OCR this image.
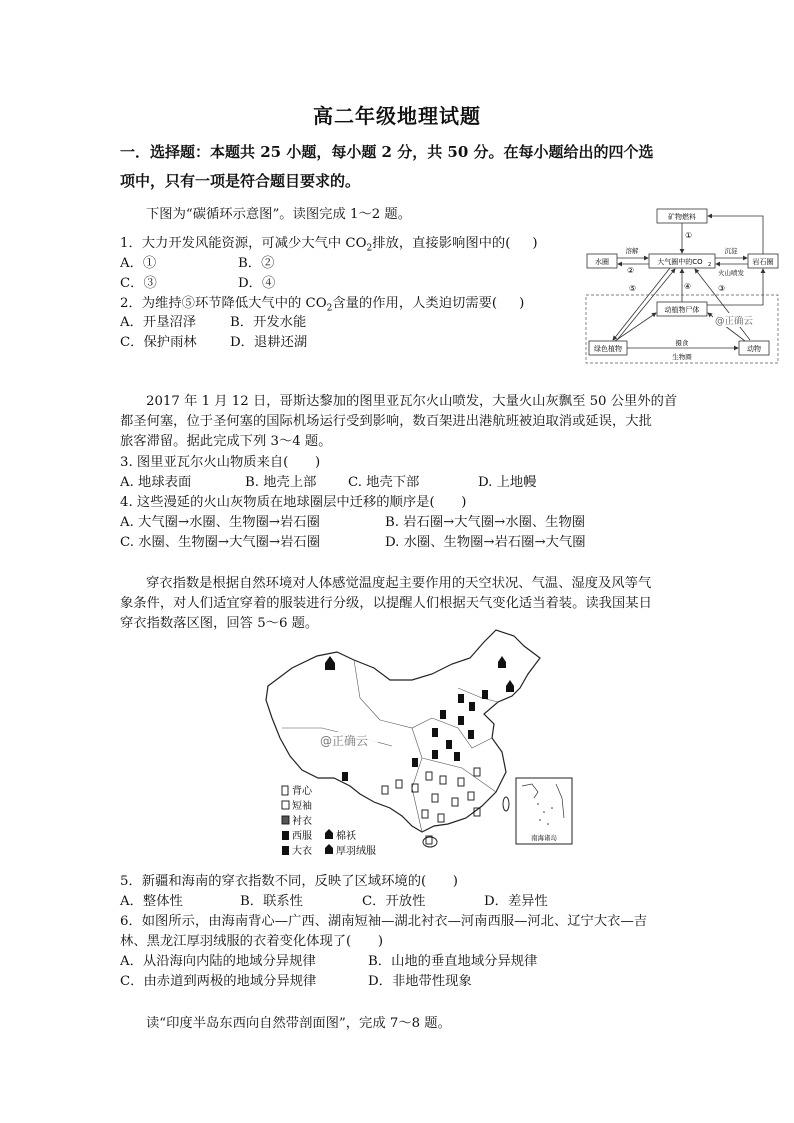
高二年级地理试题
一．选择题：本题共 25 小题，每小题 2 分，共 50 分。在每小题给出的四个选
项中，只有一项是符合题目要求的。
下图为“碳循环示意图”。读图完成 1～2 题。
1．大力开发风能资源，可减少大气中 $CO_2$排放，直接影响图中的( )
A．①	B．②
C．③	D．④
2．为维持⑤环节降低大气中的 $CO_2$含量的作用，人类迫切需要( )
A．开垦沼泽	B．开发水能
C．保护雨林	D．退耕还湖
矿物燃料
水圈	大气圈中的CO 2	岩石圈
动植物尸体
绿色植物	动物
溶解	沉淀
火山喷发
摄食
生物圈
①
②
③
④
⑤
@正确云
2017 年 1 月 12 日，哥斯达黎加的图里亚瓦尔火山喷发，大量火山灰飘至 50 公里外的首
都圣何塞，位于圣何塞的国际机场运行受到影响，数百架进出港航班被迫取消或延误，大批
旅客滞留。据此完成下列 3～4 题。
3. 图里亚瓦尔火山物质来自(　　)
A. 地球表面	B. 地壳上部 C. 地壳下部	D. 上地幔
4. 这些漫延的火山灰物质在地球圈层中迁移的顺序是(　　)
A. 大气圈→水圈、生物圈→岩石圈	B. 岩石圈→大气圈→水圈、生物圈
C. 水圈、生物圈→大气圈→岩石圈	D. 水圈、生物圈→岩石圈→大气圈
穿衣指数是根据自然环境对人体感觉温度起主要作用的天空状况、气温、湿度及风等气
象条件，对人们适宜穿着的服装进行分级，以提醒人们根据天气变化适当着装。读我国某日
穿衣指数落区图，回答 5～6 题。
背心
短袖
衬衣
西服 棉袄
大衣 厚羽绒服
南海诸岛
@正确云
5．新疆和海南的穿衣指数不同，反映了区域环境的(　　)
A．整体性	B．联系性	C．开放性	D．差异性
6．如图所示，由海南背心—广西、湖南短袖—湖北衬衣—河南西服—河北、辽宁大衣—吉
林、黑龙江厚羽绒服的衣着变化体现了(　　)
A．从沿海向内陆的地域分异规律	B．山地的垂直地域分异规律
C．由赤道到两极的地域分异规律	D．非地带性现象
读“印度半岛东西向自然带剖面图”，完成 7～8 题。
